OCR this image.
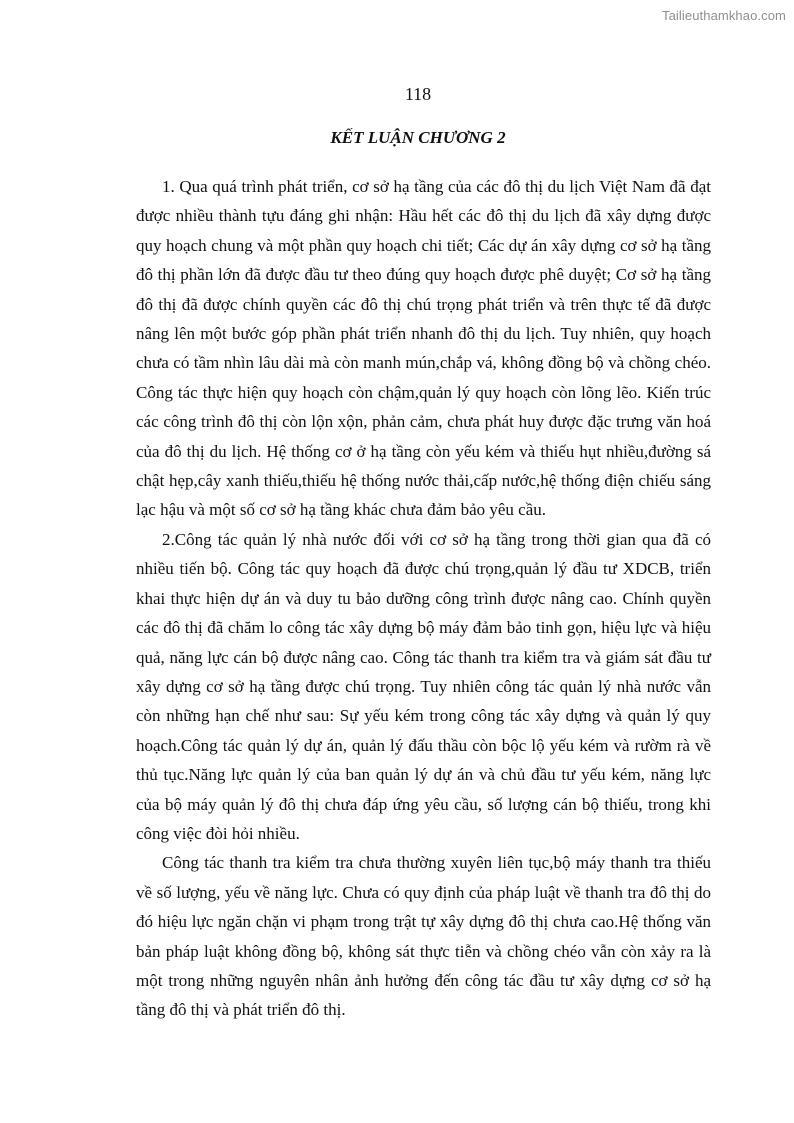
Tailieuthamkhao.com
118
KẾT LUẬN CHƯƠNG 2

1. Qua quá trình phát triển, cơ sở hạ tầng của các đô thị du lịch Việt Nam đã đạt được nhiều thành tựu đáng ghi nhận: Hầu hết các đô thị du lịch đã xây dựng được quy hoạch chung và một phần quy hoạch chi tiết; Các dự án xây dựng cơ sở hạ tầng đô thị phần lớn đã được đầu tư theo đúng quy hoạch được phê duyệt; Cơ sở hạ tầng đô thị đã được chính quyền các đô thị chú trọng phát triển và trên thực tế đã được nâng lên một bước góp phần phát triển nhanh đô thị du lịch. Tuy nhiên, quy hoạch chưa có tầm nhìn lâu dài mà còn manh mún,chắp vá, không đồng bộ và chồng chéo. Công tác thực hiện quy hoạch còn chậm,quản lý quy hoạch còn lõng lẽo. Kiến trúc các công trình đô thị còn lộn xộn, phản cảm, chưa phát huy được đặc trưng văn hoá của đô thị du lịch. Hệ thống cơ ở hạ tầng còn yếu kém và thiếu hụt nhiều,đường sá chật hẹp,cây xanh thiếu,thiếu hệ thống nước thải,cấp nước,hệ thống điện chiếu sáng lạc hậu và một số cơ sở hạ tầng khác chưa đảm bảo yêu cầu.

2.Công tác quản lý nhà nước đối với cơ sở hạ tầng trong thời gian qua đã có nhiều tiến bộ. Công tác quy hoạch đã được chú trọng,quản lý đầu tư XDCB, triển khai thực hiện dự án và duy tu bảo dưỡng công trình được nâng cao. Chính quyền các đô thị đã chăm lo công tác xây dựng bộ máy đảm bảo tinh gọn, hiệu lực và hiệu quả, năng lực cán bộ được nâng cao. Công tác thanh tra kiểm tra và giám sát đầu tư xây dựng cơ sở hạ tầng được chú trọng. Tuy nhiên công tác quản lý nhà nước vẫn còn những hạn chế như sau: Sự yếu kém trong công tác xây dựng và quản lý quy hoạch.Công tác quản lý dự án, quản lý đấu thầu còn bộc lộ yếu kém và rườm rà về thủ tục.Năng lực quản lý của ban quản lý dự án và chủ đầu tư yếu kém, năng lực của bộ máy quản lý đô thị chưa đáp ứng yêu cầu, số lượng cán bộ thiếu, trong khi công việc đòi hỏi nhiều.

Công tác thanh tra kiểm tra chưa thường xuyên liên tục,bộ máy thanh tra thiếu về số lượng, yếu về năng lực. Chưa có quy định của pháp luật về thanh tra đô thị do đó hiệu lực ngăn chặn vi phạm trong trật tự xây dựng đô thị chưa cao.Hệ thống văn bản pháp luật không đồng bộ, không sát thực tiễn và chồng chéo vẫn còn xảy ra là một trong những nguyên nhân ảnh hưởng đến công tác đầu tư xây dựng cơ sở hạ tầng đô thị và phát triển đô thị.
